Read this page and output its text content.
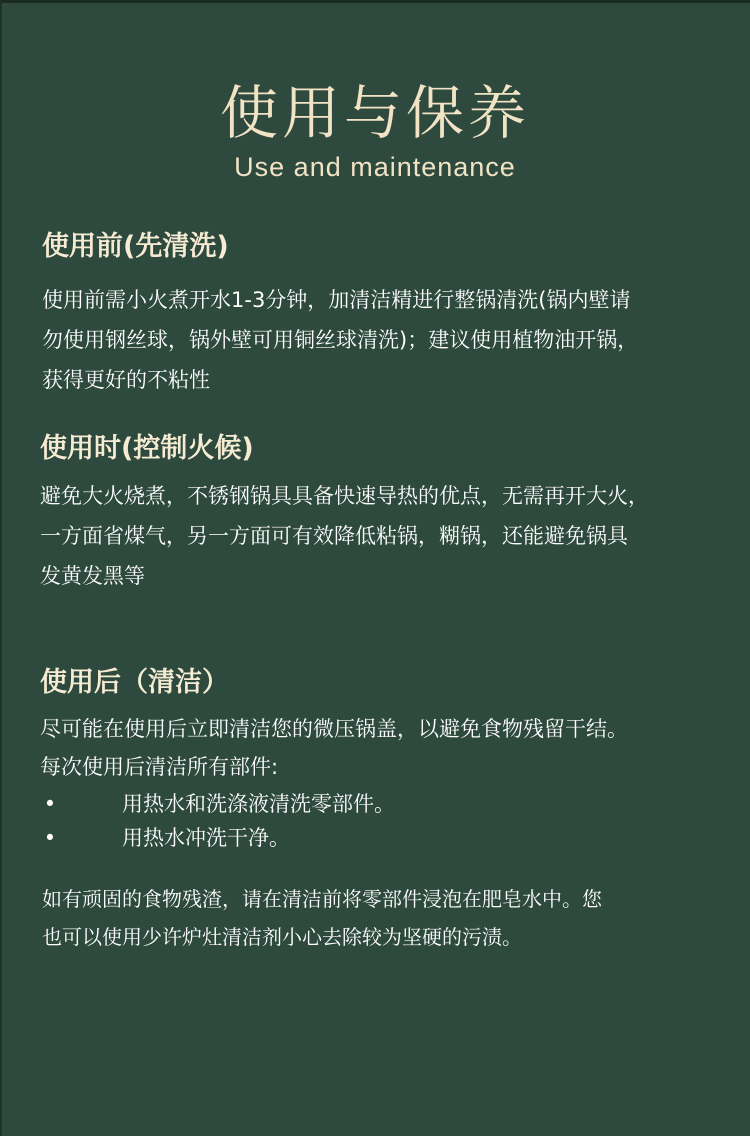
使用与保养
Use and maintenance
使用前(先清洗)
使用前需小火煮开水1-3分钟，加清洁精进行整锅清洗(锅内壁请
勿使用钢丝球，锅外壁可用铜丝球清洗)；建议使用植物油开锅，
获得更好的不粘性
使用时(控制火候)
避免大火烧煮，不锈钢锅具具备快速导热的优点，无需再开大火，
一方面省煤气，另一方面可有效降低粘锅，糊锅，还能避免锅具
发黄发黑等
使用后（清洁）
尽可能在使用后立即清洁您的微压锅盖，以避免食物残留干结。
每次使用后清洁所有部件:
•	用热水和洗涤液清洗零部件。
•	用热水冲洗干净。
如有顽固的食物残渣，请在清洁前将零部件浸泡在肥皂水中。您
也可以使用少许炉灶清洁剂小心去除较为坚硬的污渍。
